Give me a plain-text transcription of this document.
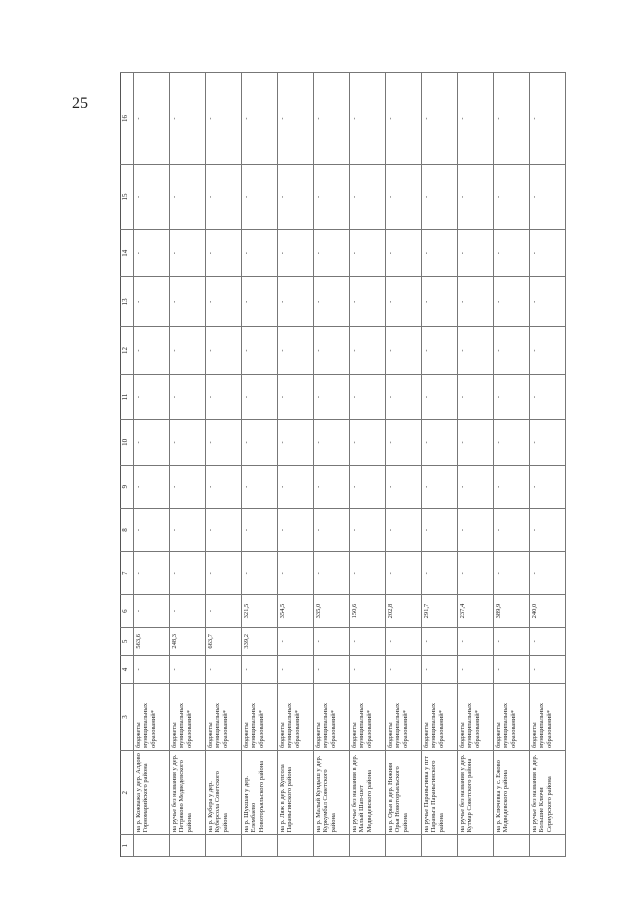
25
1	2	3	4	5	6	7	8	9	10	11	12	13	14	15	16
	на р. Кожважа у дер. Алдово Горномарийского района	бюджеты муниципальных образований*	-	563,6	-	-	-	-	-	-	-	-	-	-	-
	на ручье без названия у дер. Петряково Медведевского района	бюджеты муниципальных образований*	-	248,3	-	-	-	-	-	-	-	-	-	-	-
	на р. Кубера у дер. Куберсола Советского района	бюджеты муниципальных образований*	-	663,7	-	-	-	-	-	-	-	-	-	-	-
	на р. Шукшан у дер. Елембаево Новоторъяльского района	бюджеты муниципальных образований*	-	339,2	321,5	-	-	-	-	-	-	-	-	-	-
	на р. Ляж в дер. Купсола Параньгинского района	бюджеты муниципальных образований*	-	-	354,5	-	-	-	-	-	-	-	-	-	-
	на р. Малый Кундыш у дер. Куркумбал Советского района	бюджеты муниципальных образований*	-	-	335,0	-	-	-	-	-	-	-	-	-	-
	на ручье без названия в дер. Малый Шап-шет Медведевского района	бюджеты муниципальных образований*	-	-	150,6	-	-	-	-	-	-	-	-	-	-
	на р. Орья в дер. Нижняя Орья Новоторъяльского района	бюджеты муниципальных образований*	-	-	202,8	-	-	-	-	-	-	-	-	-	-
	на ручье Параньгинка у пгт Параньга Параньгинского района	бюджеты муниципальных образований*	-	-	291,7	-	-	-	-	-	-	-	-	-	-
	на ручье без названия у дер. Кутмар Советского района	бюджеты муниципальных образований*	-	-	237,4	-	-	-	-	-	-	-	-	-	-
	на р. Ключевка у с. Ежово Медведевского района	бюджеты муниципальных образований*	-	-	389,9	-	-	-	-	-	-	-	-	-	-
	на ручье без названия в дер. Большие Ключи Сернурского района	бюджеты муниципальных образований*	-	-	240,0	-	-	-	-	-	-	-	-	-	-
